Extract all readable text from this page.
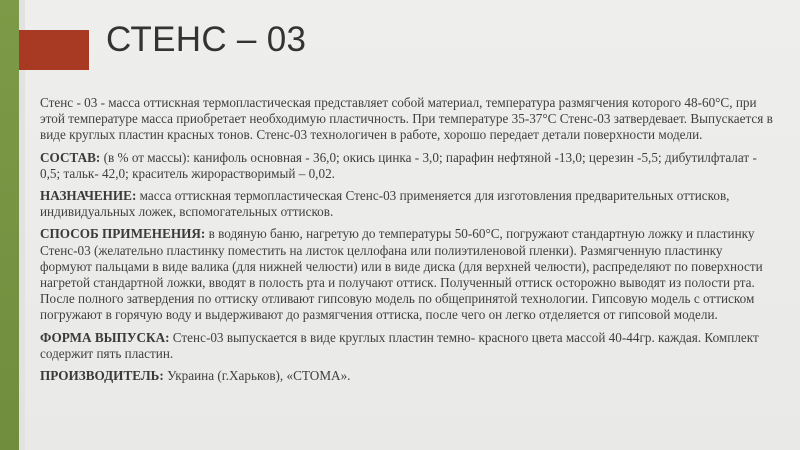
СТЕНС – 03

Стенс - 03 - масса оттискная термопластическая представляет собой материал, температура размягчения которого 48-60°C, при этой температуре масса приобретает необходимую пластичность. При температуре 35-37°C Стенс-03 затвердевает. Выпускается в виде круглых пластин красных тонов. Стенс-03 технологичен в работе, хорошо передает детали поверхности модели.

СОСТАВ: (в % от массы): канифоль основная - 36,0; окись цинка - 3,0; парафин нефтяной -13,0; церезин -5,5; дибутилфталат - 0,5; тальк- 42,0; краситель жирорастворимый – 0,02.

НАЗНАЧЕНИЕ: масса оттискная термопластическая Стенс-03 применяется для изготовления предварительных оттисков, индивидуальных ложек, вспомогательных оттисков.

СПОСОБ ПРИМЕНЕНИЯ: в водяную баню, нагретую до температуры 50-60°С, погружают стандартную ложку и пластинку Стенс-03 (желательно пластинку поместить на листок целлофана или полиэтиленовой пленки). Размягченную пластинку формуют пальцами в виде валика (для нижней челюсти) или в виде диска (для верхней челюсти), распределяют по поверхности нагретой стандартной ложки, вводят в полость рта и получают оттиск. Полученный оттиск осторожно выводят из полости рта. После полного затвердения по оттиску отливают гипсовую модель по общепринятой технологии. Гипсовую модель с оттиском погружают в горячую воду и выдерживают до размягчения оттиска, после чего он легко отделяется от гипсовой модели.

ФОРМА ВЫПУСКА: Стенс-03 выпускается в виде круглых пластин темно- красного цвета массой 40-44гр. каждая. Комплект содержит пять пластин.

ПРОИЗВОДИТЕЛЬ: Украина (г.Харьков), «СТОМА».
